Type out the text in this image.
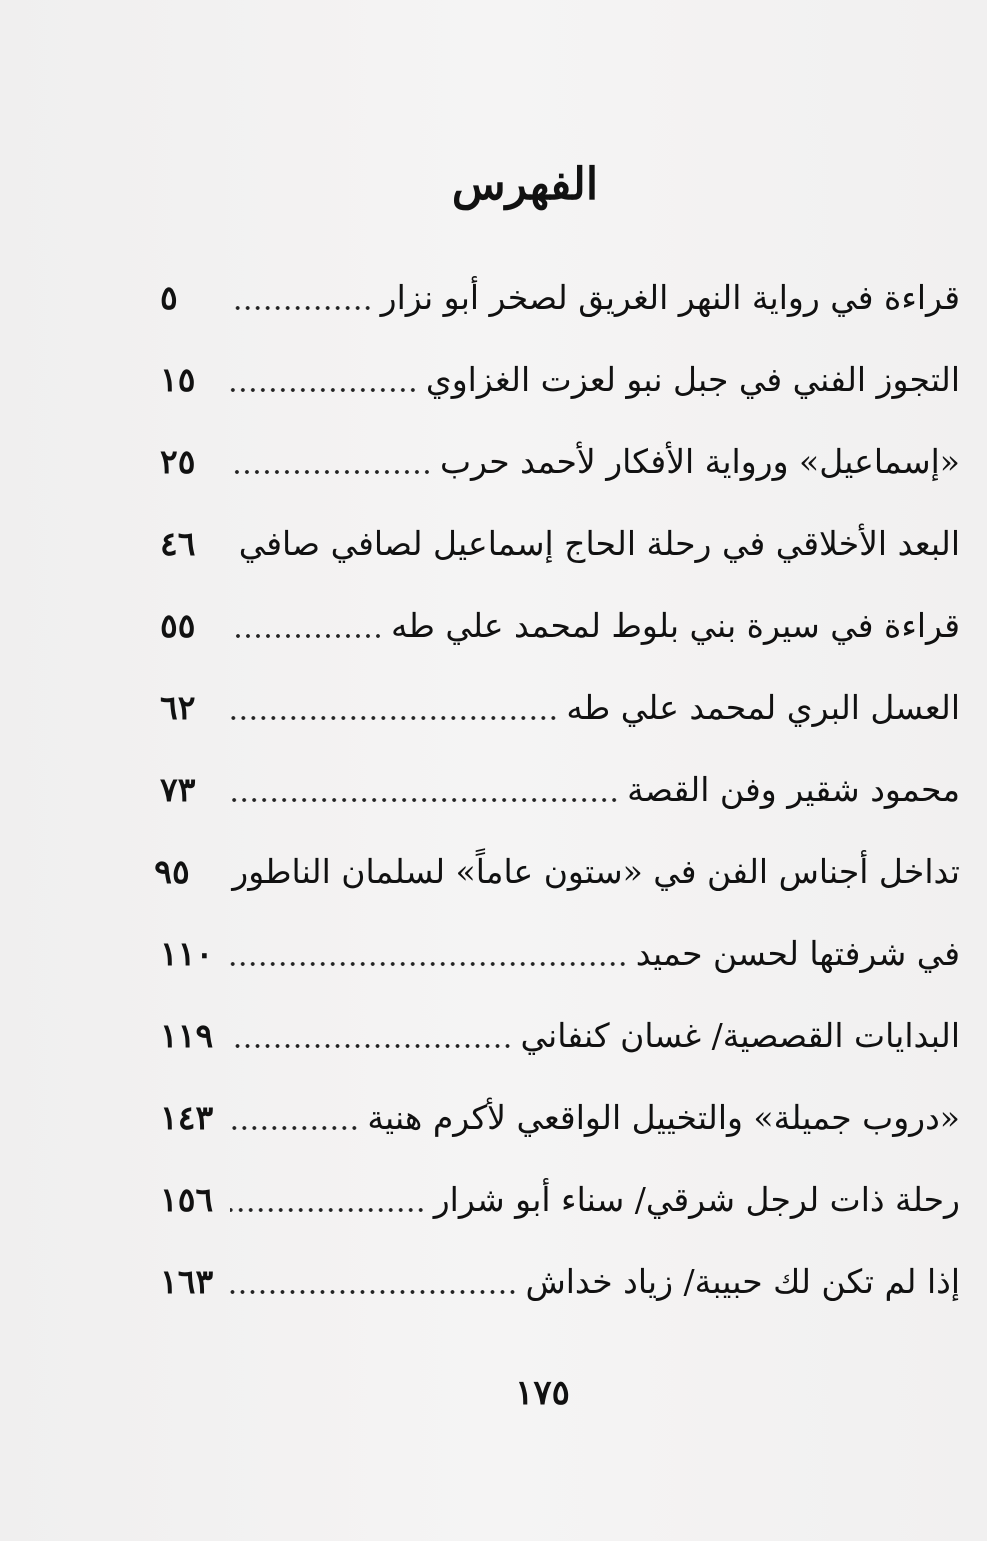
الفهرس
قراءة في رواية النهر الغريق لصخر أبو نزار
٥
التجوز الفني في جبل نبو لعزت الغزاوي
١٥
«إسماعيل» ورواية الأفكار لأحمد حرب
٢٥
البعد الأخلاقي في رحلة الحاج إسماعيل لصافي صافي
٤٦
قراءة في سيرة بني بلوط لمحمد علي طه
٥٥
العسل البري لمحمد علي طه
٦٢
محمود شقير وفن القصة
٧٣
تداخل أجناس الفن في «ستون عاماً» لسلمان الناطور
٩٥
في شرفتها لحسن حميد
١١٠
البدايات القصصية/ غسان كنفاني
١١٩
«دروب جميلة» والتخييل الواقعي لأكرم هنية
١٤٣
رحلة ذات لرجل شرقي/ سناء أبو شرار
١٥٦
إذا لم تكن لك حبيبة/ زياد خداش
١٦٣
١٧٥
